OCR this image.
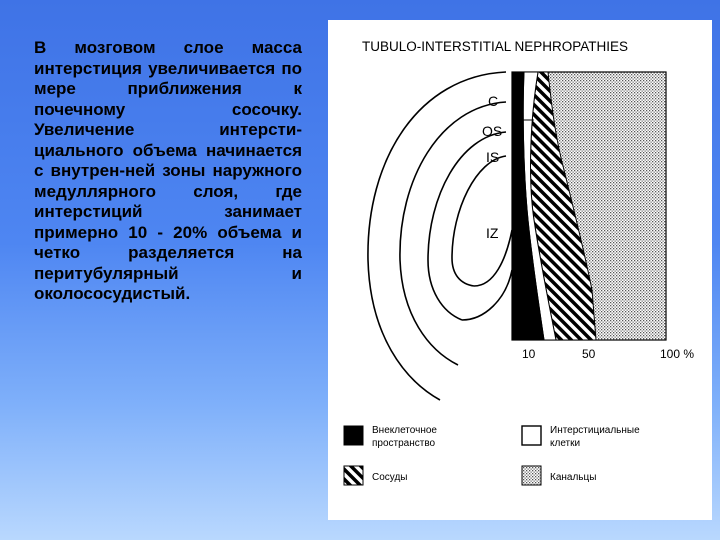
В мозговом слое масса интерстиция увеличивается по мере приближения к почечному сосочку. Увеличение интерсти-циального объема начинается с внутрен-ней зоны наружного медуллярного слоя, где интерстиций занимает примерно 10 - 20% объема и четко разделяется на перитубулярный и околососудистый.

TUBULO-INTERSTITIAL NEPHROPATHIES
C
OS
IS
IZ
10	50	100 %
Внеклеточное
пространство
Интерстициальные
клетки
Сосуды	Канальцы
